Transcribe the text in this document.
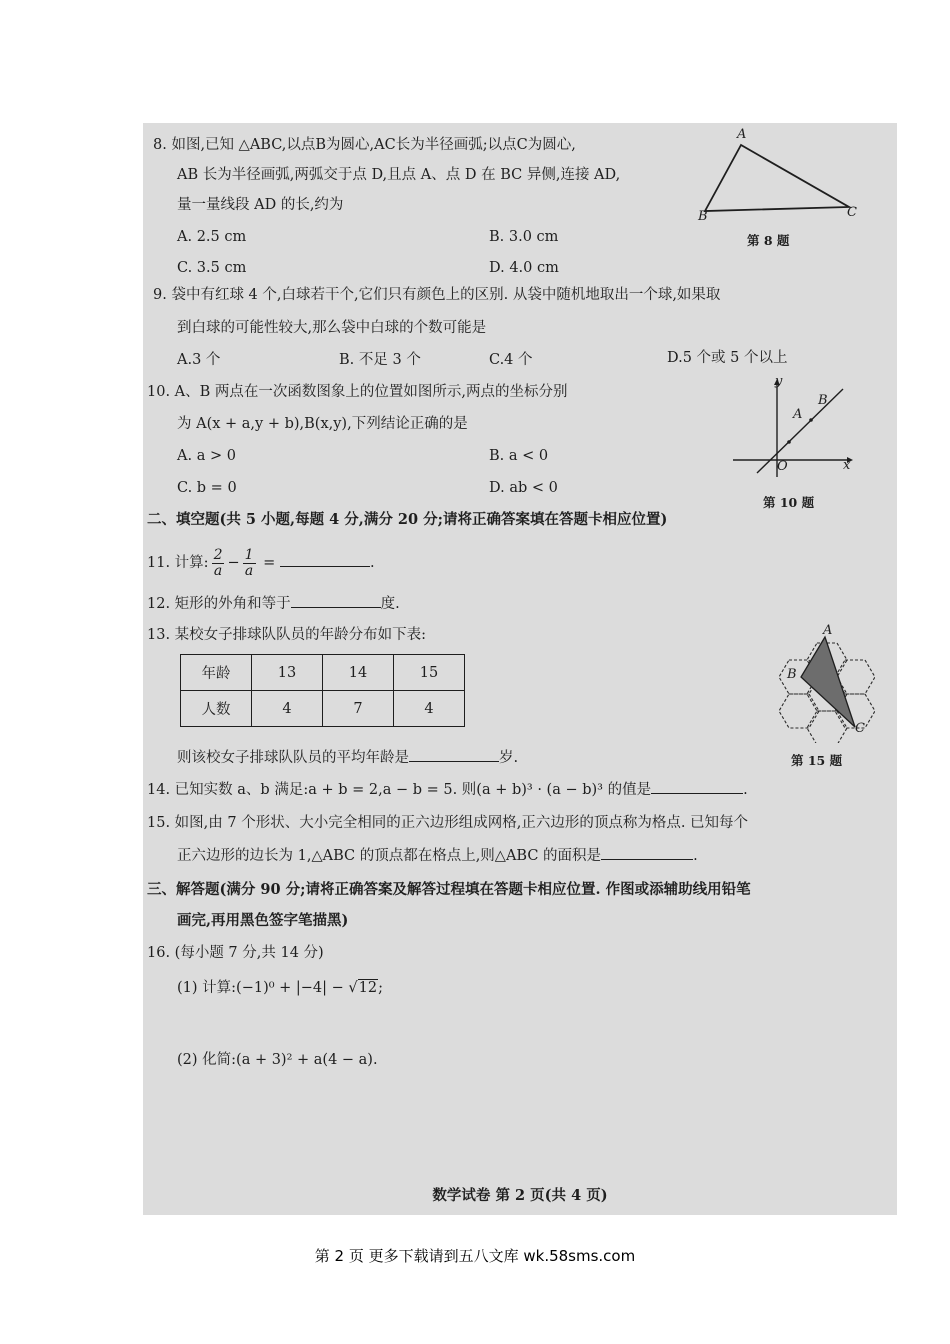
8. 如图,已知 △ABC,以点B为圆心,AC长为半径画弧;以点C为圆心,
AB 长为半径画弧,两弧交于点 D,且点 A、点 D 在 BC 异侧,连接 AD,
量一量线段 AD 的长,约为
A. 2.5 cm	B. 3.0 cm
C. 3.5 cm	D. 4.0 cm
A
B	C
第 8 题
9. 袋中有红球 4 个,白球若干个,它们只有颜色上的区别. 从袋中随机地取出一个球,如果取
到白球的可能性较大,那么袋中白球的个数可能是
A.3 个	B. 不足 3 个	C.4 个	D.5 个或 5 个以上
10. A、B 两点在一次函数图象上的位置如图所示,两点的坐标分别
为 A(x + a,y + b),B(x,y),下列结论正确的是
A. a > 0	B. a < 0
C. b = 0	D. ab < 0
y
x
O
A
B
第 10 题
二、填空题(共 5 小题,每题 4 分,满分 20 分;请将正确答案填在答题卡相应位置)
11. 计算: $\frac{2}{a} - \frac{1}{a}$ =	.
12. 矩形的外角和等于	度.
13. 某校女子排球队队员的年龄分布如下表:
年龄	13	14	15
人数	4	7	4
则该校女子排球队队员的平均年龄是	岁.
A
B
C
第 15 题
14. 已知实数 a、b 满足:a + b = 2,a − b = 5. 则(a + b)³ · (a − b)³ 的值是	.
15. 如图,由 7 个形状、大小完全相同的正六边形组成网格,正六边形的顶点称为格点. 已知每个
正六边形的边长为 1,△ABC 的顶点都在格点上,则△ABC 的面积是	.
三、解答题(满分 90 分;请将正确答案及解答过程填在答题卡相应位置. 作图或添辅助线用铅笔
画完,再用黑色签字笔描黑)
16. (每小题 7 分,共 14 分)
(1) 计算:(−1)⁰ + |−4| − √12;
(2) 化简:(a + 3)² + a(4 − a).
数学试卷 第 2 页(共 4 页)
第 2 页 更多下载请到五八文库 wk.58sms.com
